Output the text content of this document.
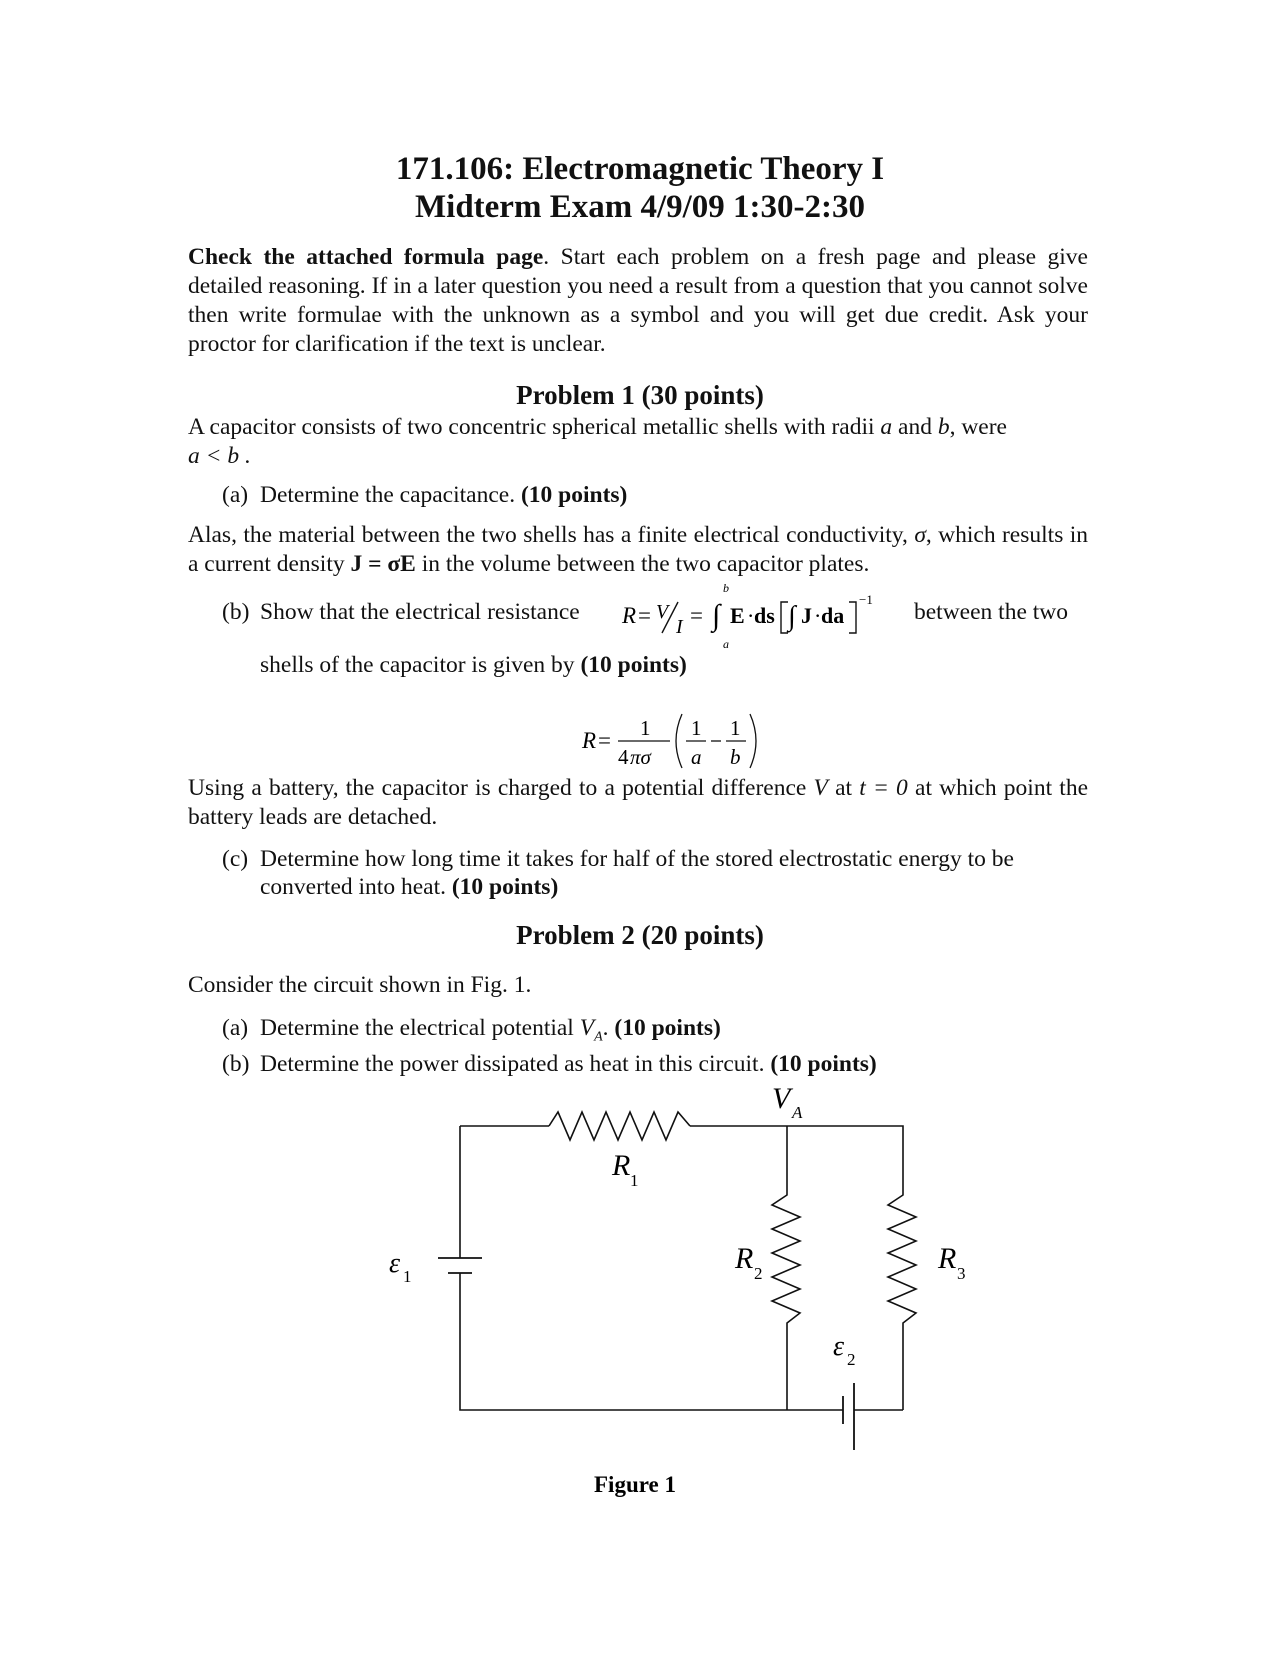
171.106: Electromagnetic Theory I
Midterm Exam 4/9/09 1:30-2:30
Check the attached formula page. Start each problem on a fresh page and please give detailed reasoning. If in a later question you need a result from a question that you cannot solve then write formulae with the unknown as a symbol and you will get due credit. Ask your proctor for clarification if the text is unclear.
Problem 1 (30 points)
A capacitor consists of two concentric spherical metallic shells with radii a and b, were
a < b .
(a) Determine the capacitance. (10 points)
Alas, the material between the two shells has a finite electrical conductivity, σ, which results in a current density J = σE in the volume between the two capacitor plates.
(b) Show that the electrical resistance R = V
I = ∫
b
a
E · ds ∫ J · da
−1 between the two
shells of the capacitor is given by (10 points)
R = 1
4 πσ
1
a
1
b
Using a battery, the capacitor is charged to a potential difference V at t = 0 at which point the battery leads are detached.
(c) Determine how long time it takes for half of the stored electrostatic energy to be
converted into heat. (10 points)
Problem 2 (20 points)
Consider the circuit shown in Fig. 1.
(a) Determine the electrical potential $V_A$. (10 points)
(b) Determine the power dissipated as heat in this circuit. (10 points)
V A
R 1
R 2	R 3
ε 1
ε 2
Figure 1
